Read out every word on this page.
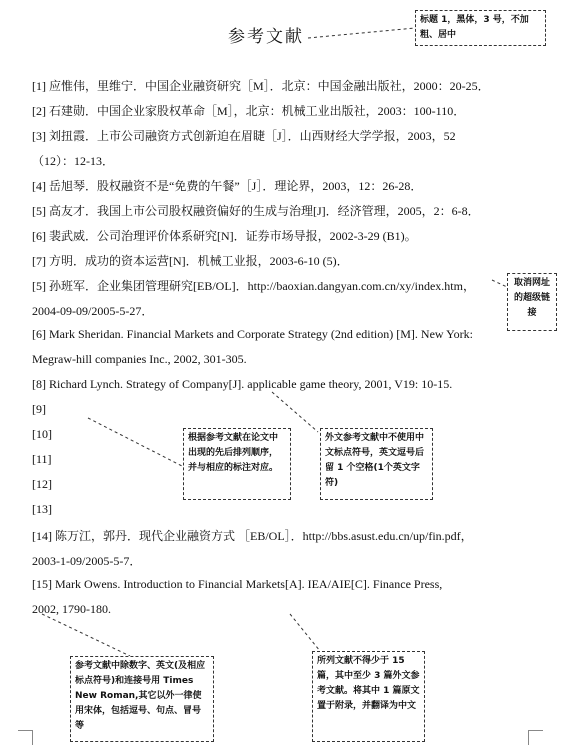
参考文献
标题 1，黑体，3 号，不加粗、居中
取消网址的超级链接
根据参考文献在论文中出现的先后排列顺序，并与相应的标注对应。
外文参考文献中不使用中文标点符号，英文逗号后留 1 个空格(1个英文字符)
参考文献中除数字、英文(及相应标点符号)和连接号用 Times New Roman,其它以外一律使用宋体，包括逗号、句点、冒号等
所列文献不得少于 15 篇，其中至少 3 篇外文参考文献。将其中 1 篇原文置于附录，并翻译为中文
[1] 应惟伟，里维宁．中国企业融资研究［M］．北京：中国金融出版社，2000：20-25．
[2] 石建勋．中国企业家股权革命［M］，北京：机械工业出版社，2003：100-110．
[3] 刘扭霞．上市公司融资方式创新迫在眉睫［J］．山西财经大学学报，2003，52
（12）：12-13．
[4] 岳旭琴．股权融资不是“免费的午餐”［J］．理论界，2003，12：26-28．
[5] 高友才．我国上市公司股权融资偏好的生成与治理[J]．经济管理，2005，2：6-8．
[6] 裴武威．公司治理评价体系研究[N]．证券市场导报，2002-3-29 (B1)。
[7] 方明．成功的资本运营[N]．机械工业报，2003-6-10 (5)．
[5] 孙班军．企业集团管理研究[EB/OL]．http://baoxian.dangyan.com.cn/xy/index.htm，
2004-09-09/2005-5-27．
[6] Mark Sheridan. Financial Markets and Corporate Strategy (2nd edition) [M]. New York:
Megraw-hill companies Inc., 2002, 301-305.
[8] Richard Lynch. Strategy of Company[J]. applicable game theory, 2001, V19: 10-15.
[9]
[10]
[11]
[12]
[13]
[14] 陈万江，郭丹．现代企业融资方式 ［EB/OL］．http://bbs.asust.edu.cn/up/fin.pdf，
2003-1-09/2005-5-7．
[15] Mark Owens. Introduction to Financial Markets[A]. IEA/AIE[C]. Finance Press,
2002, 1790-180.
